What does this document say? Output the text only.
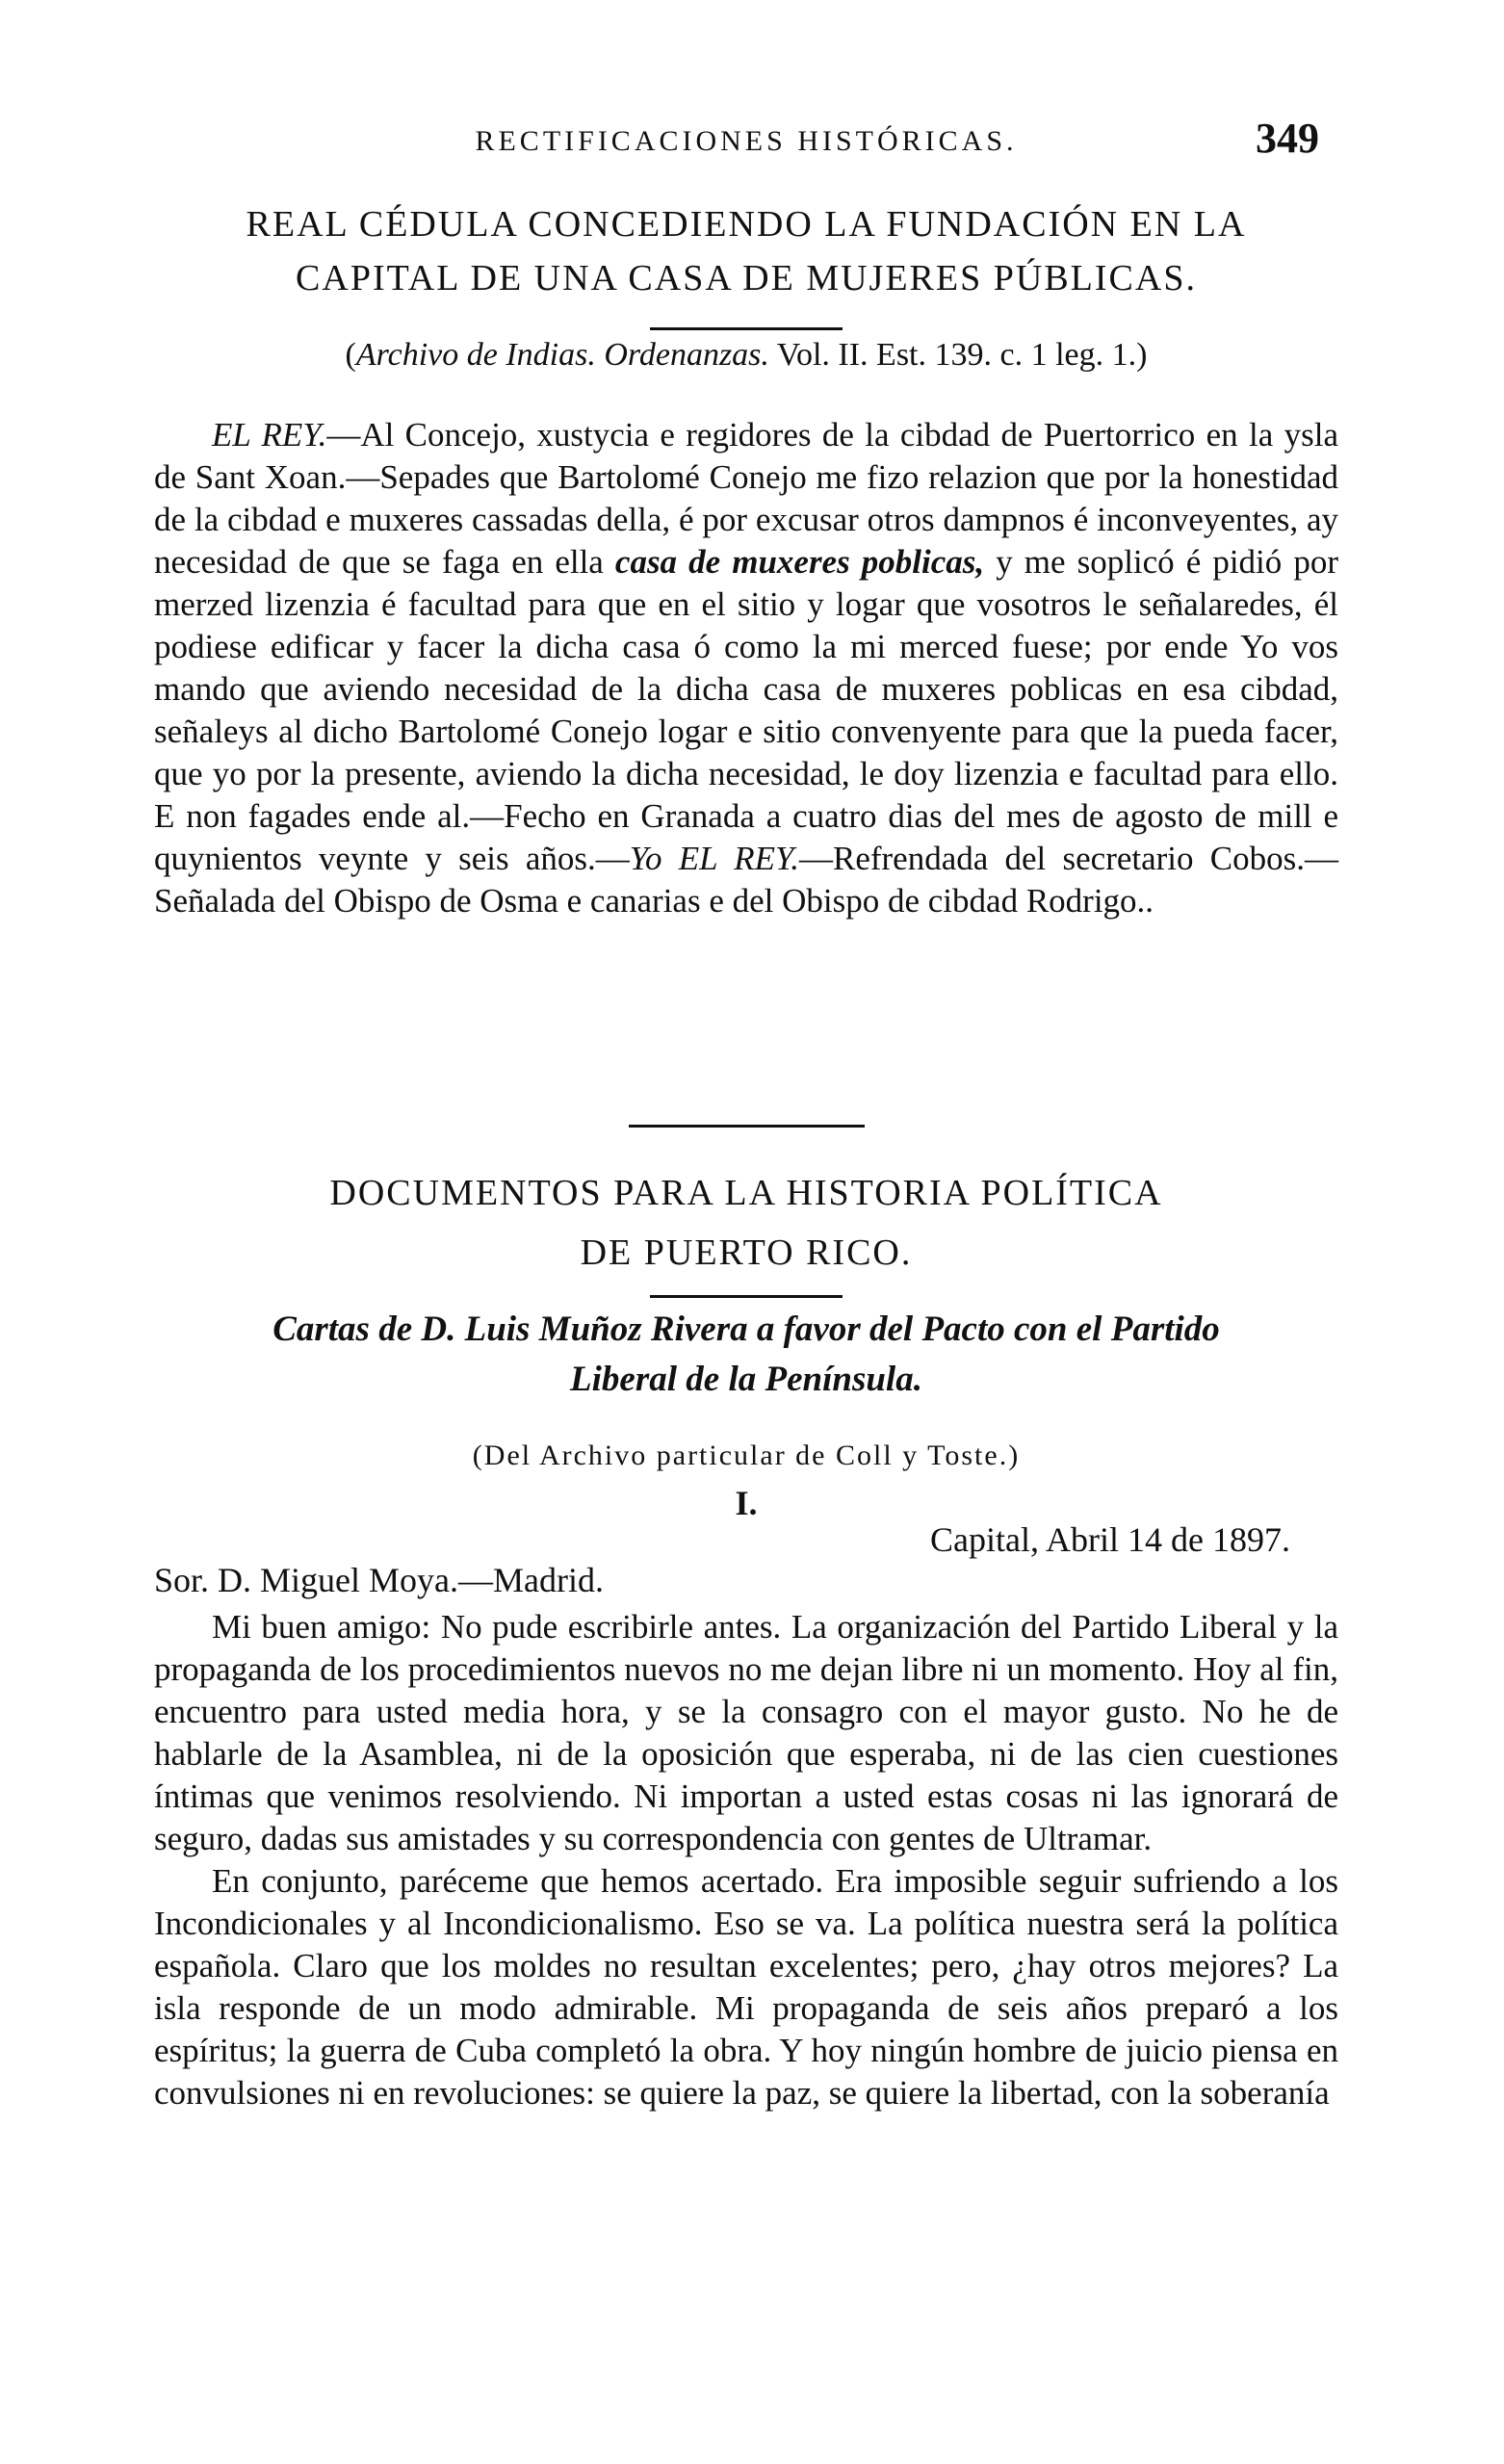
RECTIFICACIONES HISTÓRICAS.	349
REAL CÉDULA CONCEDIENDO LA FUNDACIÓN EN LA
CAPITAL DE UNA CASA DE MUJERES PÚBLICAS.
(Archivo de Indias. Ordenanzas. Vol. II. Est. 139. c. 1 leg. 1.)

EL REY.—Al Concejo, xustycia e regidores de la cibdad de Puertorrico en la ysla de Sant Xoan.—Sepades que Bartolomé Conejo me fizo relazion que por la honestidad de la cibdad e muxeres cassadas della, é por excusar otros dampnos é inconveyentes, ay necesidad de que se faga en ella casa de muxeres poblicas, y me soplicó é pidió por merzed lizenzia é facultad para que en el sitio y logar que vosotros le señalaredes, él podiese edificar y facer la dicha casa ó como la mi merced fuese; por ende Yo vos mando que aviendo necesidad de la dicha casa de muxeres poblicas en esa cibdad, señaleys al dicho Bartolomé Conejo logar e sitio convenyente para que la pueda facer, que yo por la presente, aviendo la dicha necesidad, le doy lizenzia e facultad para ello. E non fagades ende al.—Fecho en Granada a cuatro dias del mes de agosto de mill e quynientos veynte y seis años.—Yo EL REY.—Refrendada del secretario Cobos.—Señalada del Obispo de Osma e canarias e del Obispo de cibdad Rodrigo..

DOCUMENTOS PARA LA HISTORIA POLÍTICA
DE PUERTO RICO.
Cartas de D. Luis Muñoz Rivera a favor del Pacto con el Partido
Liberal de la Península.
(Del Archivo particular de Coll y Toste.)
I.
Capital, Abril 14 de 1897.
Sor. D. Miguel Moya.—Madrid.

Mi buen amigo: No pude escribirle antes. La organización del Partido Liberal y la propaganda de los procedimientos nuevos no me dejan libre ni un momento. Hoy al fin, encuentro para usted media hora, y se la consagro con el mayor gusto. No he de hablarle de la Asamblea, ni de la oposición que esperaba, ni de las cien cuestiones íntimas que venimos resolviendo. Ni importan a usted estas cosas ni las ignorará de seguro, dadas sus amistades y su correspondencia con gentes de Ultramar.

En conjunto, paréceme que hemos acertado. Era imposible seguir sufriendo a los Incondicionales y al Incondicionalismo. Eso se va. La política nuestra será la política española. Claro que los moldes no resultan excelentes; pero, ¿hay otros mejores? La isla responde de un modo admirable. Mi propaganda de seis años preparó a los espíritus; la guerra de Cuba completó la obra. Y hoy ningún hombre de juicio piensa en convulsiones ni en revoluciones: se quiere la paz, se quiere la libertad, con la soberanía
